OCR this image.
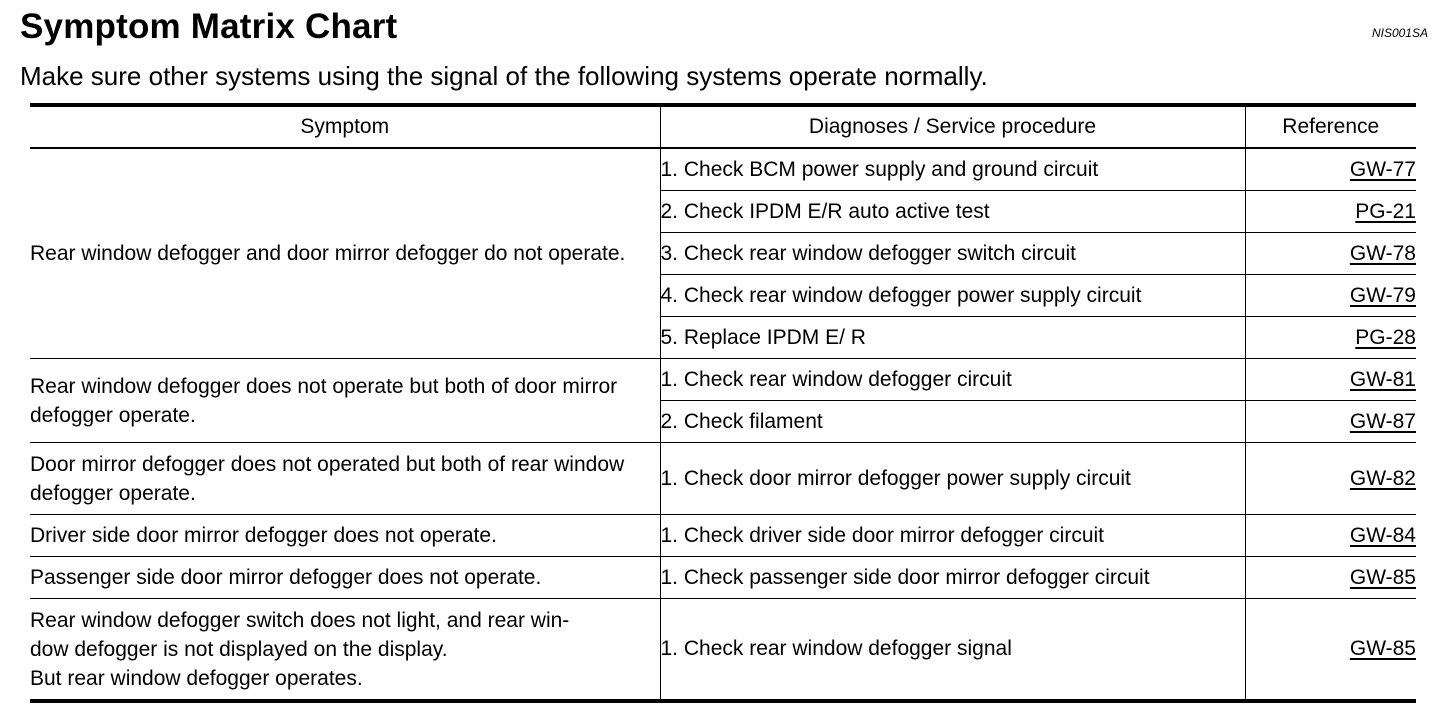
Symptom Matrix Chart	NIS001SA
Make sure other systems using the signal of the following systems operate normally.
Symptom	Diagnoses / Service procedure	Reference
Rear window defogger and door mirror defogger do not operate.	1. Check BCM power supply and ground circuit	GW-77
	2. Check IPDM E/R auto active test	PG-21
	3. Check rear window defogger switch circuit	GW-78
	4. Check rear window defogger power supply circuit	GW-79
	5. Replace IPDM E/ R	PG-28
Rear window defogger does not operate but both of door mirror defogger operate.	1. Check rear window defogger circuit	GW-81
	2. Check filament	GW-87
Door mirror defogger does not operated but both of rear window defogger operate.	1. Check door mirror defogger power supply circuit	GW-82
Driver side door mirror defogger does not operate.	1. Check driver side door mirror defogger circuit	GW-84
Passenger side door mirror defogger does not operate.	1. Check passenger side door mirror defogger circuit	GW-85

Rear window defogger switch does not light, and rear win-
dow defogger is not displayed on the display.
But rear window defogger operates.	1. Check rear window defogger signal	GW-85
